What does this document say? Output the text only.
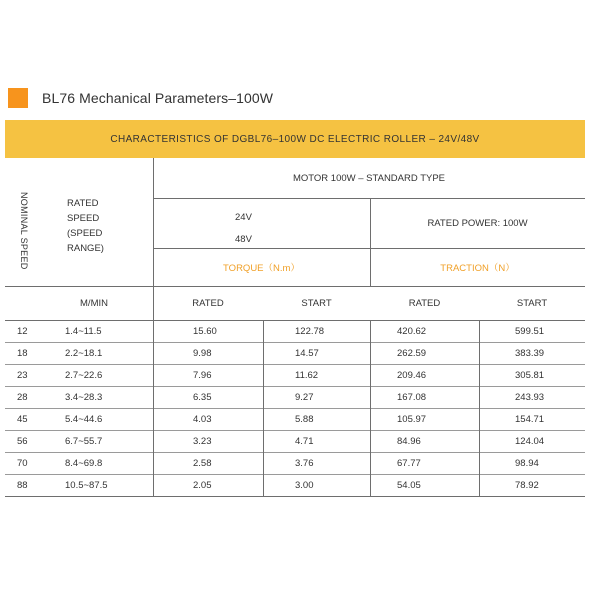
BL76 Mechanical Parameters–100W
CHARACTERISTICS OF DGBL76–100W DC ELECTRIC ROLLER – 24V/48V
NOMINAL SPEED	RATED
SPEED
(SPEED
RANGE)
MOTOR 100W – STANDARD TYPE
24V
48V
RATED POWER: 100W
TORQUE（N.m）	TRACTION（N）
M/MIN	RATED	START	RATED	START
12	1.4~11.5	15.60	122.78	420.62	599.51
18	2.2~18.1	9.98	14.57	262.59	383.39
23	2.7~22.6	7.96	11.62	209.46	305.81
28	3.4~28.3	6.35	9.27	167.08	243.93
45	5.4~44.6	4.03	5.88	105.97	154.71
56	6.7~55.7	3.23	4.71	84.96	124.04
70	8.4~69.8	2.58	3.76	67.77	98.94
88	10.5~87.5	2.05	3.00	54.05	78.92
